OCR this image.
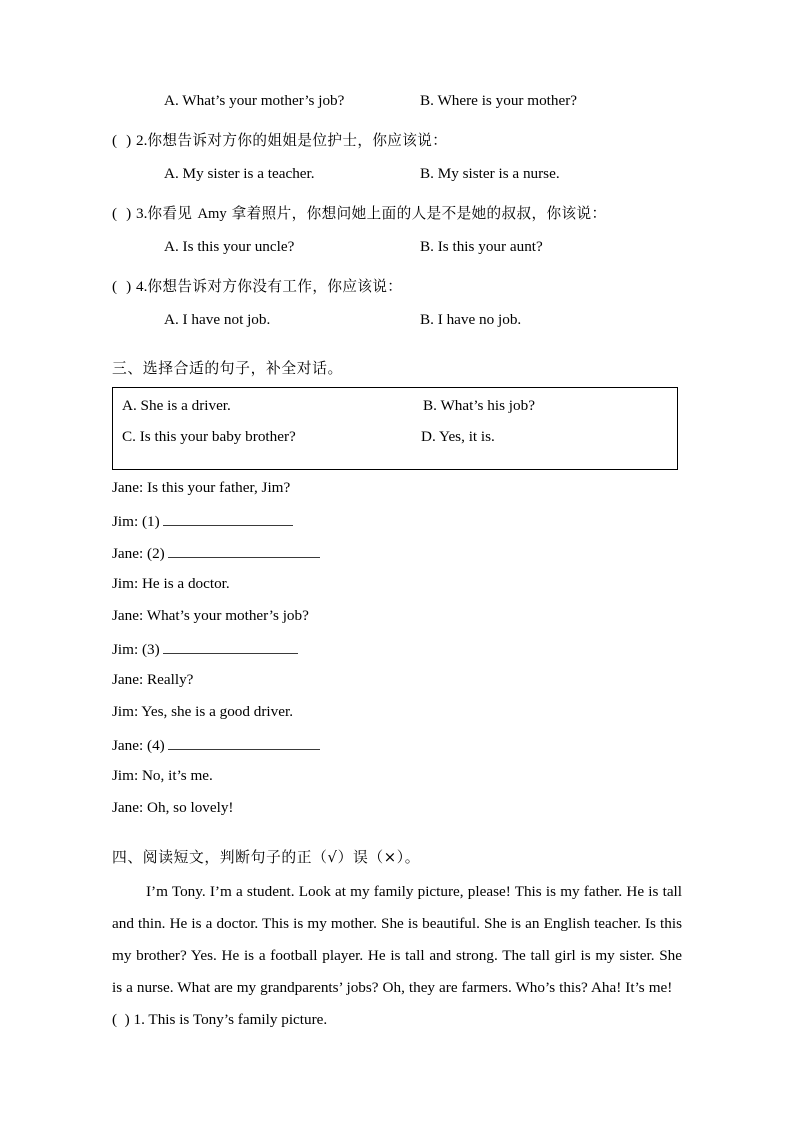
A. What’s your mother’s job?	B. Where is your mother?
(  ) 2.你想告诉对方你的姐姐是位护士，你应该说：
A. My sister is a teacher.	B. My sister is a nurse.
(  ) 3.你看见 Amy 拿着照片，你想问她上面的人是不是她的叔叔，你该说：
A. Is this your uncle?	B. Is this your aunt?
(  ) 4.你想告诉对方你没有工作，你应该说：
A. I have not job.	B. I have no job.
三、选择合适的句子，补全对话。
A. She is a driver.	B. What’s his job?
C. Is this your baby brother?	D. Yes, it is.
Jane: Is this your father, Jim?
Jim: (1)
Jane: (2)
Jim: He is a doctor.
Jane: What’s your mother’s job?
Jim: (3)
Jane: Really?
Jim: Yes, she is a good driver.
Jane: (4)
Jim: No, it’s me.
Jane: Oh, so lovely!
四、阅读短文，判断句子的正（√）误（×）。
I’m Tony. I’m a student. Look at my family picture, please! This is my father. He is tall and thin. He is a doctor. This is my mother. She is beautiful. She is an English teacher. Is this my brother? Yes. He is a football player. He is tall and strong. The tall girl is my sister. She is a nurse. What are my grandparents’ jobs? Oh, they are farmers. Who’s this? Aha! It’s me!
(  ) 1. This is Tony’s family picture.
